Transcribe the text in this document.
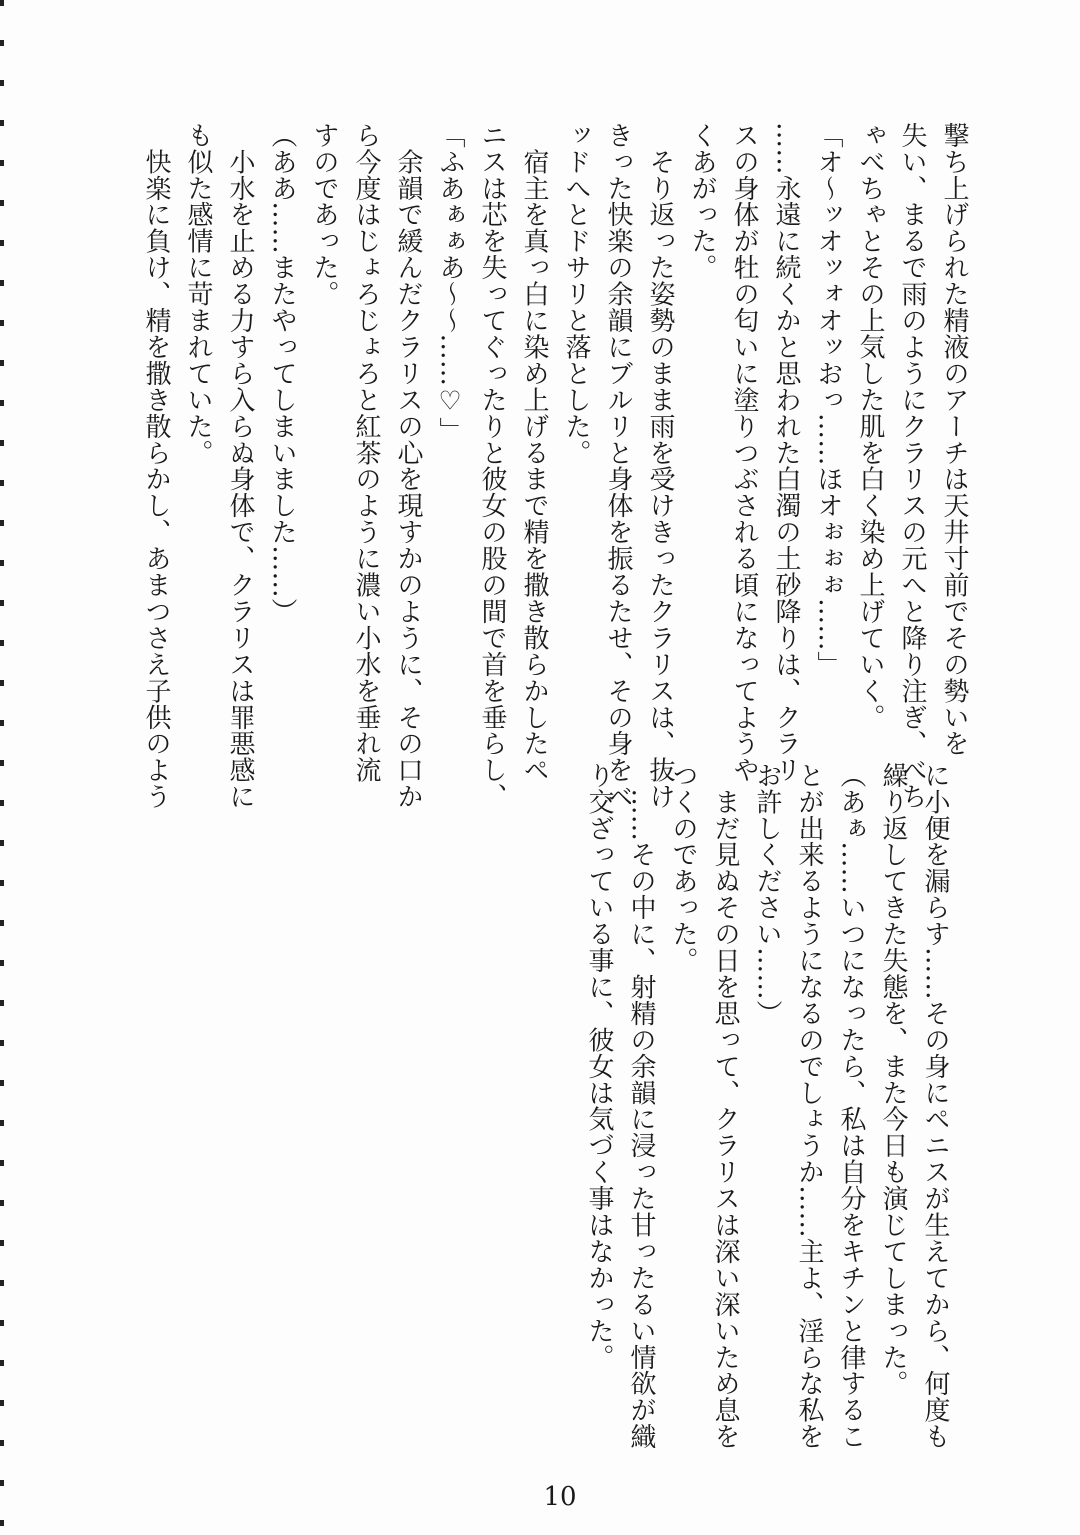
撃ち上げられた精液のアーチは天井寸前でその勢いを
失い、まるで雨のようにクラリスの元へと降り注ぎ、べち
ゃべちゃとその上気した肌を白く染め上げていく。
「オ～ッオッォオッおっ……ほオぉぉぉ……」
……永遠に続くかと思われた白濁の土砂降りは、クラリ
スの身体が牡の匂いに塗りつぶされる頃になってようや
くあがった。
　そり返った姿勢のまま雨を受けきったクラリスは、抜け
きった快楽の余韻にブルリと身体を振るたせ、その身をベ
ッドへとドサリと落とした。
　宿主を真っ白に染め上げるまで精を撒き散らかしたペ
ニスは芯を失ってぐったりと彼女の股の間で首を垂らし、
「ふあぁぁあ～～……♡」
　余韻で緩んだクラリスの心を現すかのように、その口か
ら今度はじょろじょろと紅茶のように濃い小水を垂れ流
すのであった。
（ああ……またやってしまいました……）
　小水を止める力すら入らぬ身体で、クラリスは罪悪感に
も似た感情に苛まれていた。
　快楽に負け、精を撒き散らかし、あまつさえ子供のよう
に小便を漏らす……その身にペニスが生えてから、何度も
繰り返してきた失態を、また今日も演じてしまった。
（あぁ……いつになったら、私は自分をキチンと律するこ
とが出来るようになるのでしょうか……主よ、淫らな私を
お許しください……）
　まだ見ぬその日を思って、クラリスは深い深いため息を
つくのであった。
　……その中に、射精の余韻に浸った甘ったるい情欲が織
り交ざっている事に、彼女は気づく事はなかった。
10
